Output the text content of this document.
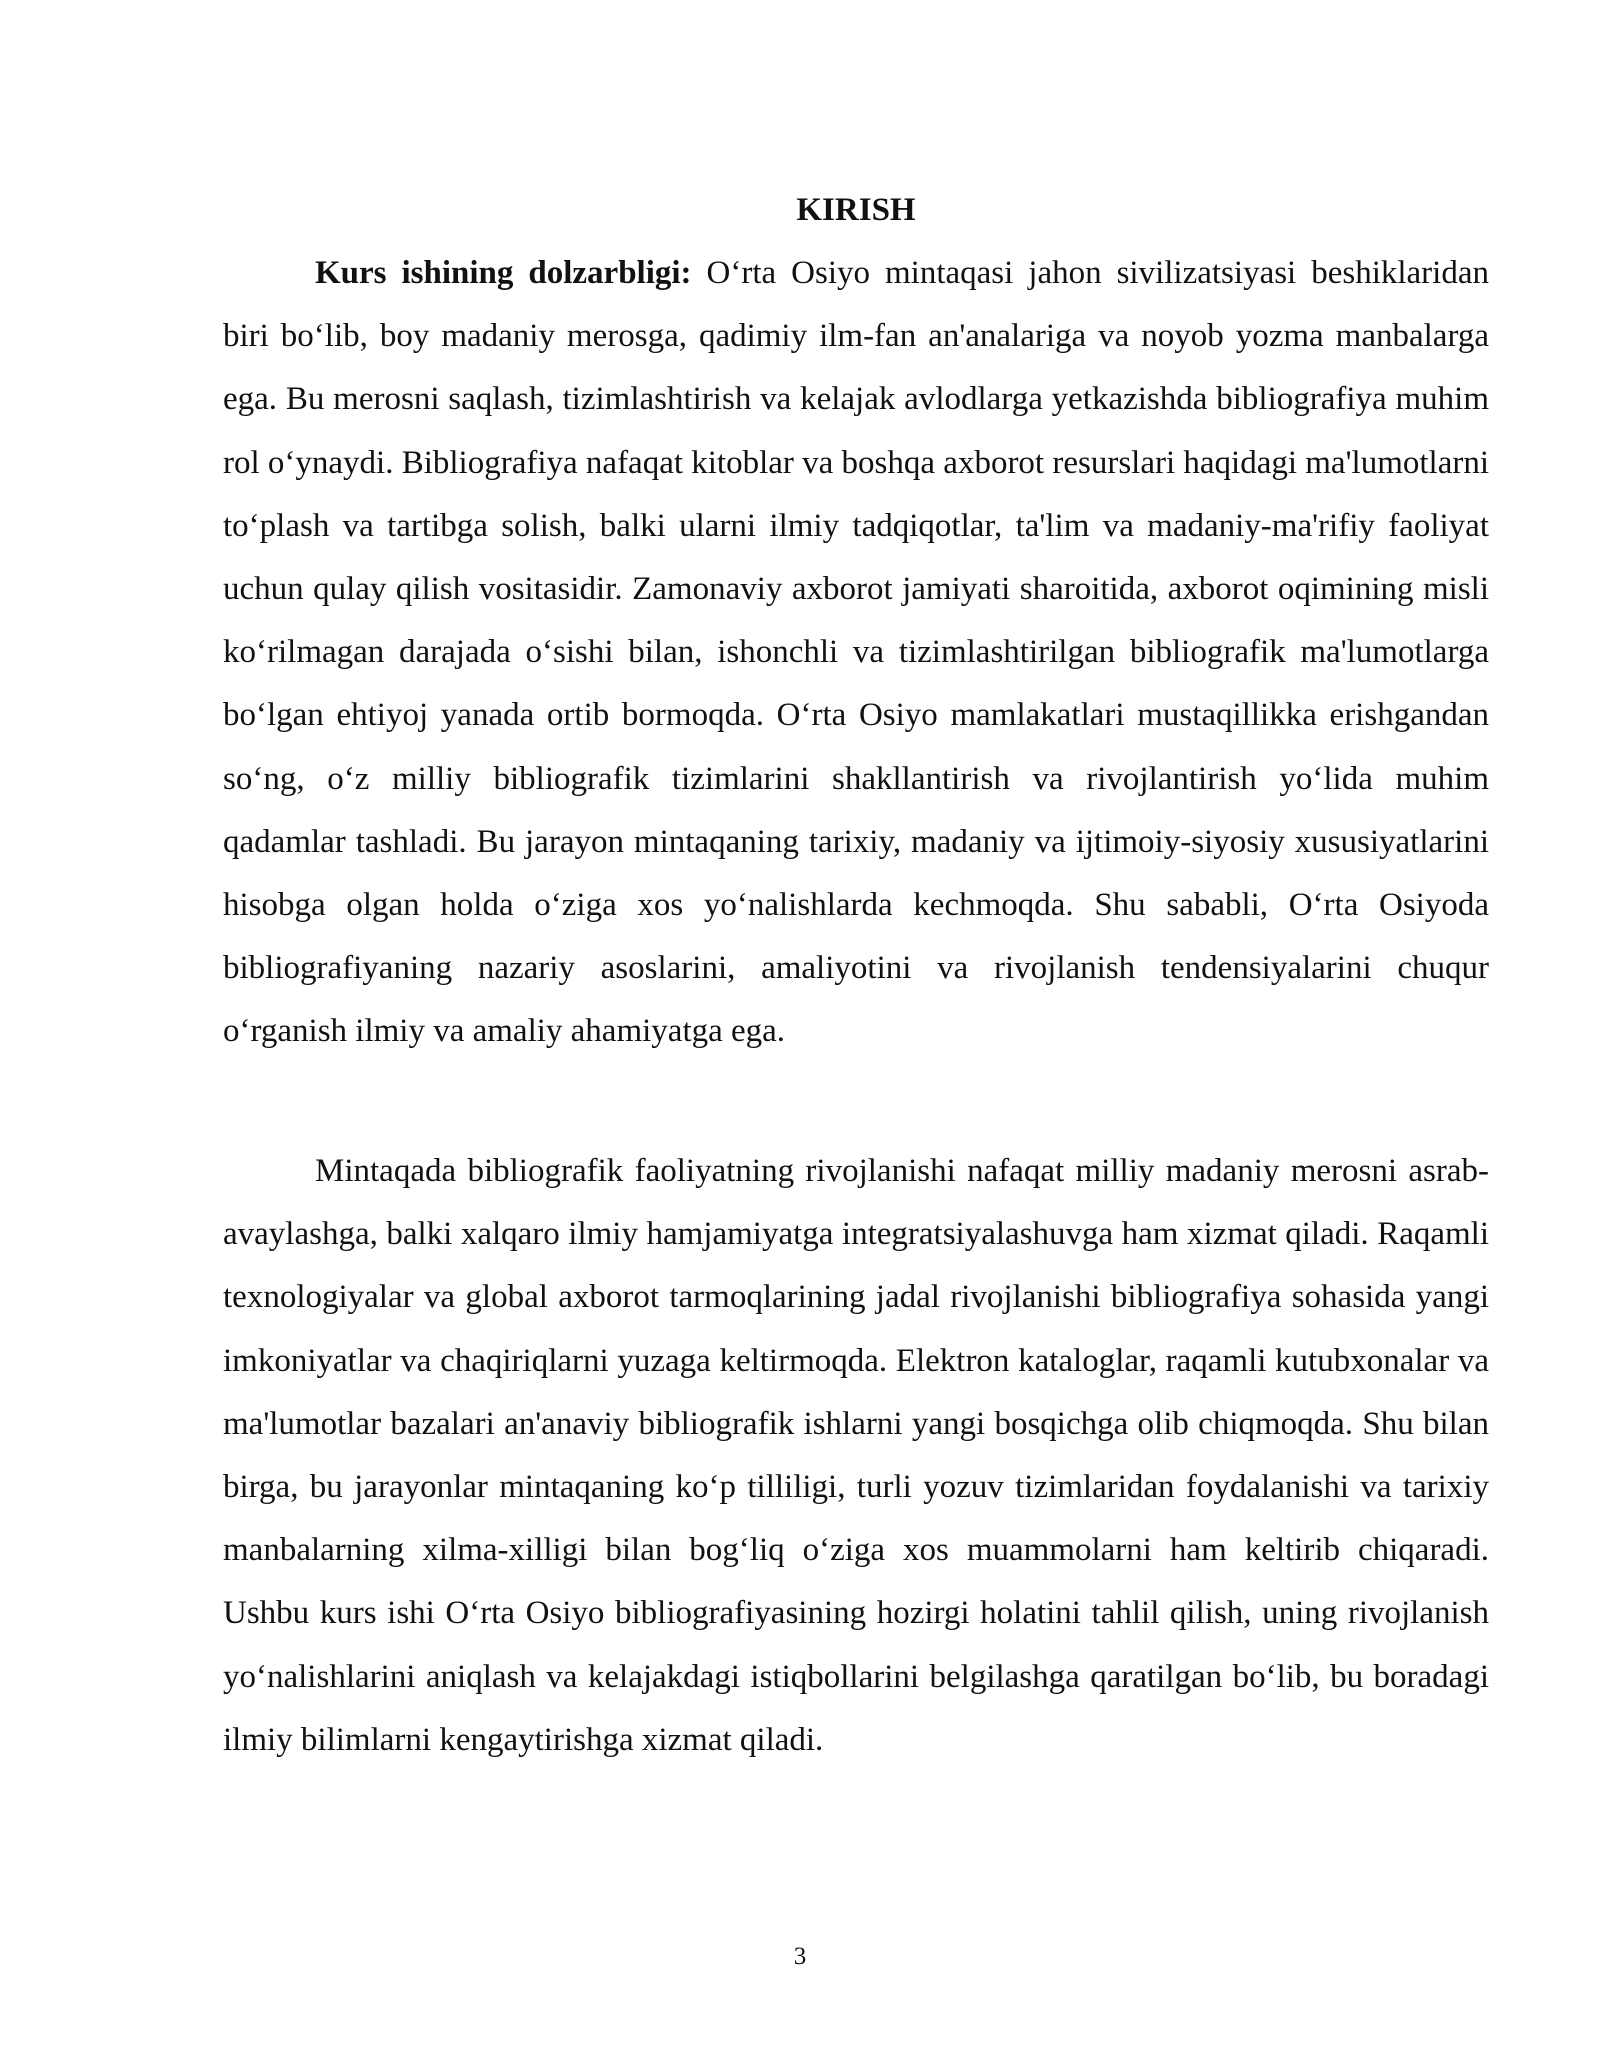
KIRISH

Kurs ishining dolzarbligi: O‘rta Osiyo mintaqasi jahon sivilizatsiyasi beshiklaridan biri bo‘lib, boy madaniy merosga, qadimiy ilm-fan an'analariga va noyob yozma manbalarga ega. Bu merosni saqlash, tizimlashtirish va kelajak avlodlarga yetkazishda bibliografiya muhim rol o‘ynaydi. Bibliografiya nafaqat kitoblar va boshqa axborot resurslari haqidagi ma'lumotlarni to‘plash va tartibga solish, balki ularni ilmiy tadqiqotlar, ta'lim va madaniy-ma'rifiy faoliyat uchun qulay qilish vositasidir. Zamonaviy axborot jamiyati sharoitida, axborot oqimining misli ko‘rilmagan darajada o‘sishi bilan, ishonchli va tizimlashtirilgan bibliografik ma'lumotlarga bo‘lgan ehtiyoj yanada ortib bormoqda. O‘rta Osiyo mamlakatlari mustaqillikka erishgandan so‘ng, o‘z milliy bibliografik tizimlarini shakllantirish va rivojlantirish yo‘lida muhim qadamlar tashladi. Bu jarayon mintaqaning tarixiy, madaniy va ijtimoiy-siyosiy xususiyatlarini hisobga olgan holda o‘ziga xos yo‘nalishlarda kechmoqda. Shu sababli, O‘rta Osiyoda bibliografiyaning nazariy asoslarini, amaliyotini va rivojlanish tendensiyalarini chuqur o‘rganish ilmiy va amaliy ahamiyatga ega.

Mintaqada bibliografik faoliyatning rivojlanishi nafaqat milliy madaniy merosni asrab-avaylashga, balki xalqaro ilmiy hamjamiyatga integratsiyalashuvga ham xizmat qiladi. Raqamli texnologiyalar va global axborot tarmoqlarining jadal rivojlanishi bibliografiya sohasida yangi imkoniyatlar va chaqiriqlarni yuzaga keltirmoqda. Elektron kataloglar, raqamli kutubxonalar va ma'lumotlar bazalari an'anaviy bibliografik ishlarni yangi bosqichga olib chiqmoqda. Shu bilan birga, bu jarayonlar mintaqaning ko‘p tilliligi, turli yozuv tizimlaridan foydalanishi va tarixiy manbalarning xilma-xilligi bilan bog‘liq o‘ziga xos muammolarni ham keltirib chiqaradi. Ushbu kurs ishi O‘rta Osiyo bibliografiyasining hozirgi holatini tahlil qilish, uning rivojlanish yo‘nalishlarini aniqlash va kelajakdagi istiqbollarini belgilashga qaratilgan bo‘lib, bu boradagi ilmiy bilimlarni kengaytirishga xizmat qiladi.

3
